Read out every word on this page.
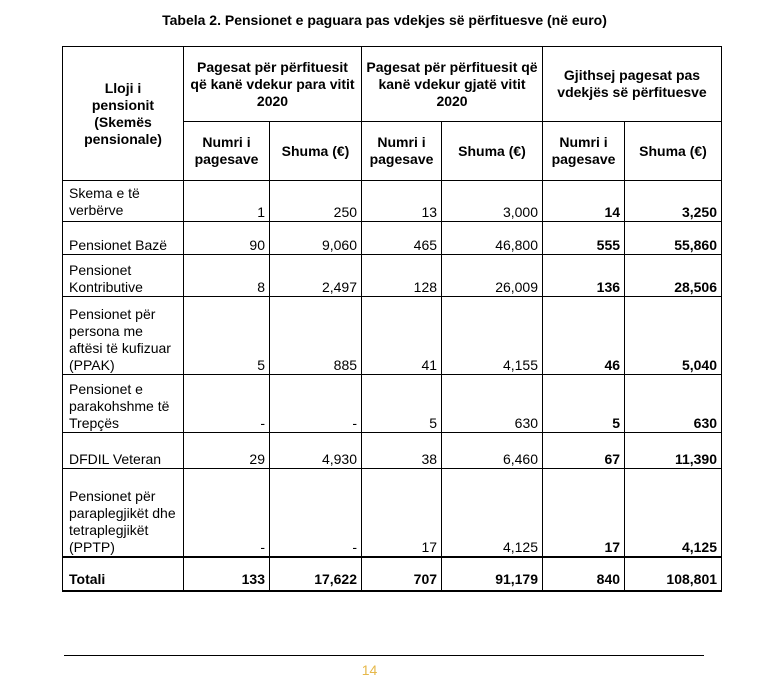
Tabela 2. Pensionet e paguara pas vdekjes së përfituesve (në euro)
Lloji i pensionit (Skemës pensionale)	Pagesat për përfituesit që kanë vdekur para vitit 2020		Pagesat për përfituesit që kanë vdekur gjatë vitit 2020		Gjithsej pagesat pas vdekjës së përfituesve	
	Numri i pagesave	Shuma (€)	Numri i pagesave	Shuma (€)	Numri i pagesave	Shuma (€)
Skema e të verbërve	1	250	13	3,000	14	3,250
Pensionet Bazë	90	9,060	465	46,800	555	55,860
Pensionet Kontributive	8	2,497	128	26,009	136	28,506
Pensionet për persona me aftësi të kufizuar (PPAK)	5	885	41	4,155	46	5,040
Pensionet e parakohshme të Trepçës	-	-	5	630	5	630
DFDIL Veteran	29	4,930	38	6,460	67	11,390
Pensionet për paraplegjikët dhe tetraplegjikët (PPTP)	-	-	17	4,125	17	4,125
Totali	133	17,622	707	91,179	840	108,801
14
